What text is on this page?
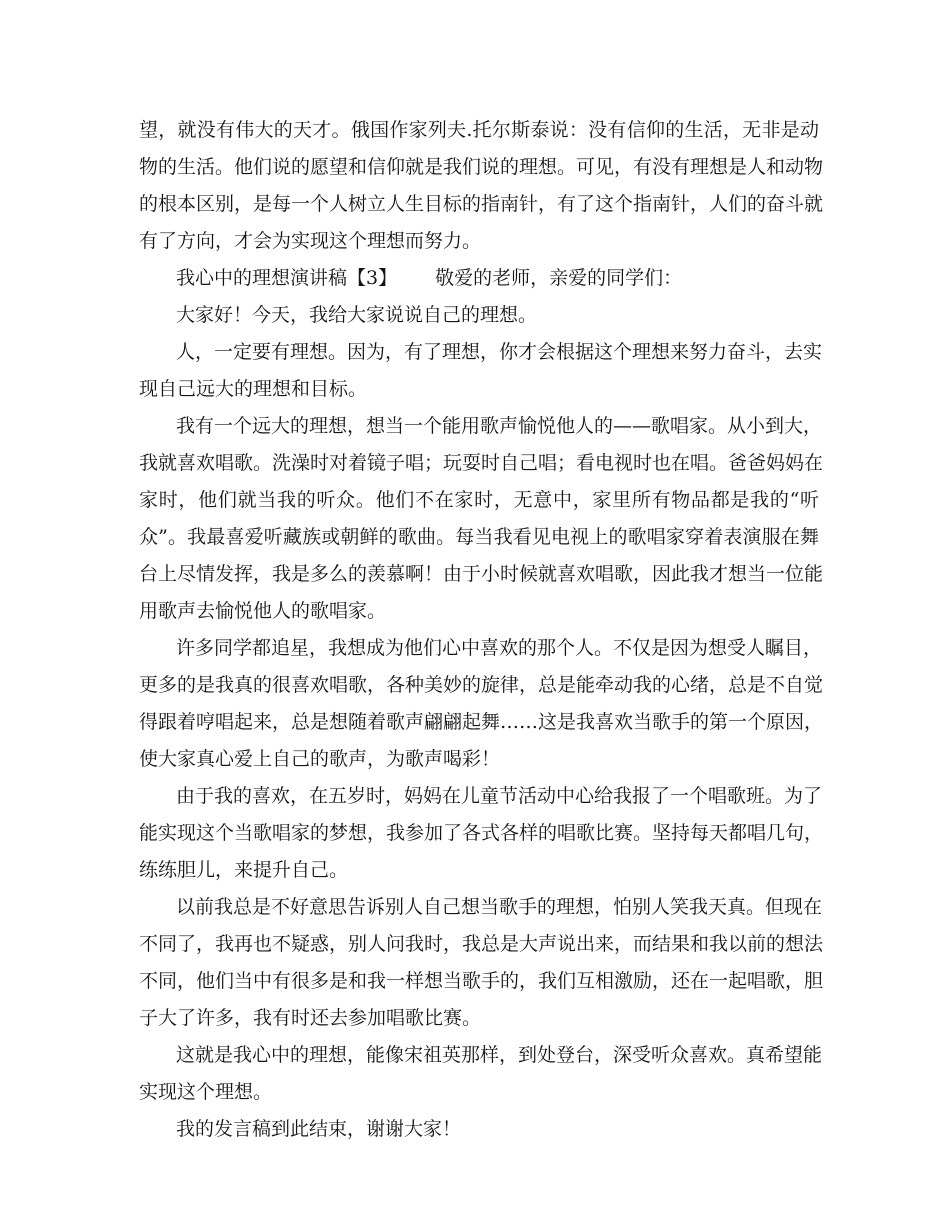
望，就没有伟大的天才。俄国作家列夫.托尔斯泰说：没有信仰的生活，无非是动
物的生活。他们说的愿望和信仰就是我们说的理想。可见，有没有理想是人和动物
的根本区别，是每一个人树立人生目标的指南针，有了这个指南针，人们的奋斗就
有了方向，才会为实现这个理想而努力。
我心中的理想演讲稿【3】 敬爱的老师，亲爱的同学们：
大家好！今天，我给大家说说自己的理想。
人，一定要有理想。因为，有了理想，你才会根据这个理想来努力奋斗，去实
现自己远大的理想和目标。
我有一个远大的理想，想当一个能用歌声愉悦他人的——歌唱家。从小到大，
我就喜欢唱歌。洗澡时对着镜子唱；玩耍时自己唱；看电视时也在唱。爸爸妈妈在
家时，他们就当我的听众。他们不在家时，无意中，家里所有物品都是我的“听
众”。我最喜爱听藏族或朝鲜的歌曲。每当我看见电视上的歌唱家穿着表演服在舞
台上尽情发挥，我是多么的羡慕啊！由于小时候就喜欢唱歌，因此我才想当一位能
用歌声去愉悦他人的歌唱家。
许多同学都追星，我想成为他们心中喜欢的那个人。不仅是因为想受人瞩目，
更多的是我真的很喜欢唱歌，各种美妙的旋律，总是能牵动我的心绪，总是不自觉
得跟着哼唱起来，总是想随着歌声翩翩起舞……这是我喜欢当歌手的第一个原因，
使大家真心爱上自己的歌声，为歌声喝彩！
由于我的喜欢，在五岁时，妈妈在儿童节活动中心给我报了一个唱歌班。为了
能实现这个当歌唱家的梦想，我参加了各式各样的唱歌比赛。坚持每天都唱几句，
练练胆儿，来提升自己。
以前我总是不好意思告诉别人自己想当歌手的理想，怕别人笑我天真。但现在
不同了，我再也不疑惑，别人问我时，我总是大声说出来，而结果和我以前的想法
不同，他们当中有很多是和我一样想当歌手的，我们互相激励，还在一起唱歌，胆
子大了许多，我有时还去参加唱歌比赛。
这就是我心中的理想，能像宋祖英那样，到处登台，深受听众喜欢。真希望能
实现这个理想。
我的发言稿到此结束，谢谢大家！
